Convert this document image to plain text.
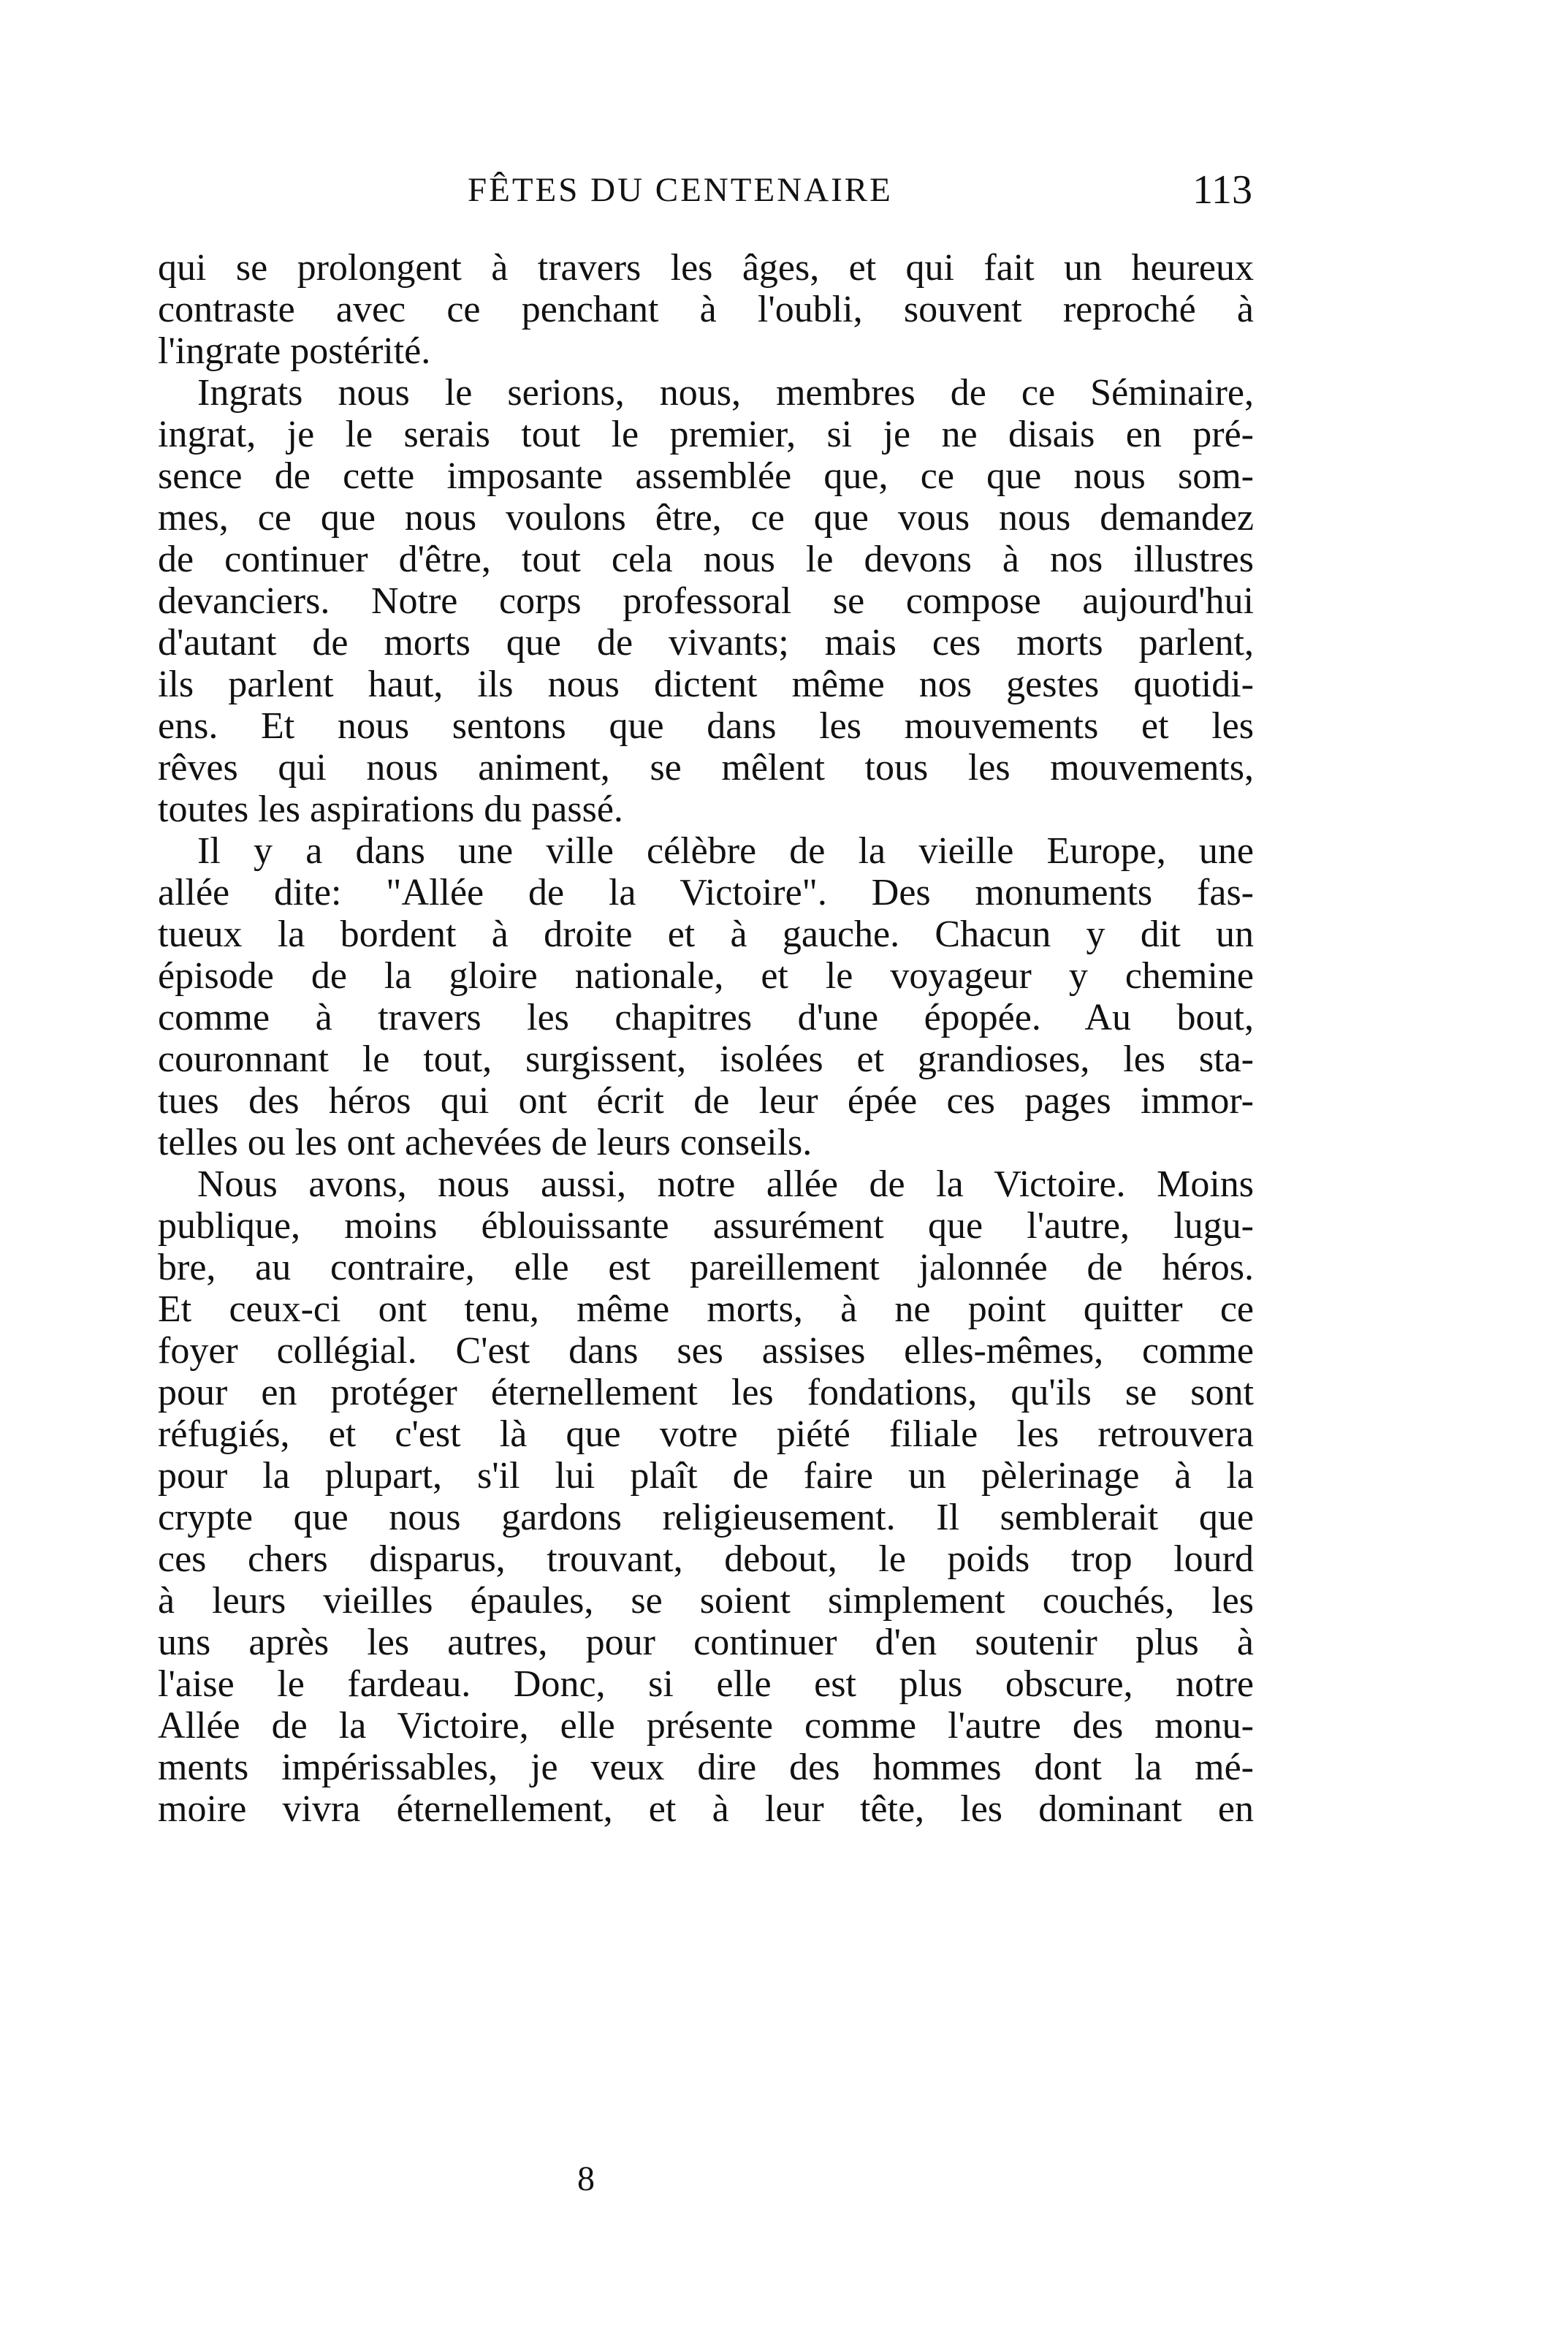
FÊTES DU CENTENAIRE	113
qui se prolongent à travers les âges, et qui fait un heureux
contraste avec ce penchant à l'oubli, souvent reproché à
l'ingrate postérité.
Ingrats nous le serions, nous, membres de ce Séminaire,
ingrat, je le serais tout le premier, si je ne disais en pré-
sence de cette imposante assemblée que, ce que nous som-
mes, ce que nous voulons être, ce que vous nous demandez
de continuer d'être, tout cela nous le devons à nos illustres
devanciers. Notre corps professoral se compose aujourd'hui
d'autant de morts que de vivants; mais ces morts parlent,
ils parlent haut, ils nous dictent même nos gestes quotidi-
ens. Et nous sentons que dans les mouvements et les
rêves qui nous animent, se mêlent tous les mouvements,
toutes les aspirations du passé.
Il y a dans une ville célèbre de la vieille Europe, une
allée dite: "Allée de la Victoire". Des monuments fas-
tueux la bordent à droite et à gauche. Chacun y dit un
épisode de la gloire nationale, et le voyageur y chemine
comme à travers les chapitres d'une épopée. Au bout,
couronnant le tout, surgissent, isolées et grandioses, les sta-
tues des héros qui ont écrit de leur épée ces pages immor-
telles ou les ont achevées de leurs conseils.
Nous avons, nous aussi, notre allée de la Victoire. Moins
publique, moins éblouissante assurément que l'autre, lugu-
bre, au contraire, elle est pareillement jalonnée de héros.
Et ceux-ci ont tenu, même morts, à ne point quitter ce
foyer collégial. C'est dans ses assises elles-mêmes, comme
pour en protéger éternellement les fondations, qu'ils se sont
réfugiés, et c'est là que votre piété filiale les retrouvera
pour la plupart, s'il lui plaît de faire un pèlerinage à la
crypte que nous gardons religieusement. Il semblerait que
ces chers disparus, trouvant, debout, le poids trop lourd
à leurs vieilles épaules, se soient simplement couchés, les
uns après les autres, pour continuer d'en soutenir plus à
l'aise le fardeau. Donc, si elle est plus obscure, notre
Allée de la Victoire, elle présente comme l'autre des monu-
ments impérissables, je veux dire des hommes dont la mé-
moire vivra éternellement, et à leur tête, les dominant en
8
